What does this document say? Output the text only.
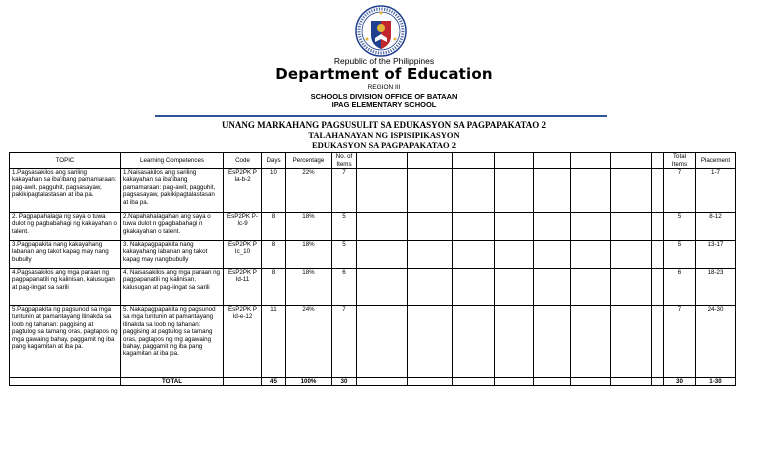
Republic of the Philippines
Department of Education
REGION III
SCHOOLS DIVISION OFFICE OF BATAAN
IPAG ELEMENTARY SCHOOL
UNANG MARKAHANG PAGSUSULIT SA EDUKASYON SA PAGPAPAKATAO 2
TALAHANAYAN NG ISPISIPIKASYON
EDUKASYON SA PAGPAPAKATAO 2
TOPIC	Learning Competences	Code	Days	Percentage	No. of Items									Total Items	Placement
1.Pagsasakilos ang sariling kakayahan sa iba'ibang pamamaraan: pag-awit, pagguhit, pagsasayaw, pakikipagtalastasan at iba pa.	1.Naisasakilos ang sariling kakayahan sa iba'ibang pamamaraan: pag-awit, pagguhit, pagsasayaw, pakikipagtalastasan at iba pa.	EsP2PK P Ia-b-2	10	22%	7									7	1-7
2. Pagpapahalaga ng saya o tuwa dulot ng pagbabahagi ng kakayahan o talent.	2.Napahahalagahan ang saya o tuwa dulot n gpagbabahagi n gkakayahan o talent.	EsP2PK P-Ic-9	8	18%	5									5	8-12
3.Pagpapakita nang kakayahang labanan ang takot kapag may nang bubully	3. Nakapagpapakita nang kakayahang labanan ang takot kapag may nangbubully	EsP2PK P Ic_10	8	18%	5									5	13-17
4.Pagsasakilos ang mga paraan ng pagpapanatili ng kalinisan, kalusugan at pag-iingat sa sarili	4. Naisasakilos ang mga paraan ng pagpapanatili ng kalinisan, kalusugan at pag-iingat sa sarili	EsP2PK P Id-11	8	18%	6									6	18-23
5.Pagpapakita ng pagsunod sa mga tuntunin at pamantayang itinakda sa loob ng tahanan: paggising at pagtulog sa tamang oras, pagtapos ng mga gawaing bahay, paggamit ng iba pang kagamitan at iba pa.	5. Nakapagpapakita ng pagsunod sa mga tuntunin at pamantayang itinakda sa loob ng tahanan: paggising at pagtulog sa tamang oras, pagtapos ng mg agawaing bahay, paggamit ng iba pang kagamitan at iba pa.	EsP2PK P Id-e-12	11	24%	7									7	24-30
	TOTAL		45	100%	30									30	1-30
